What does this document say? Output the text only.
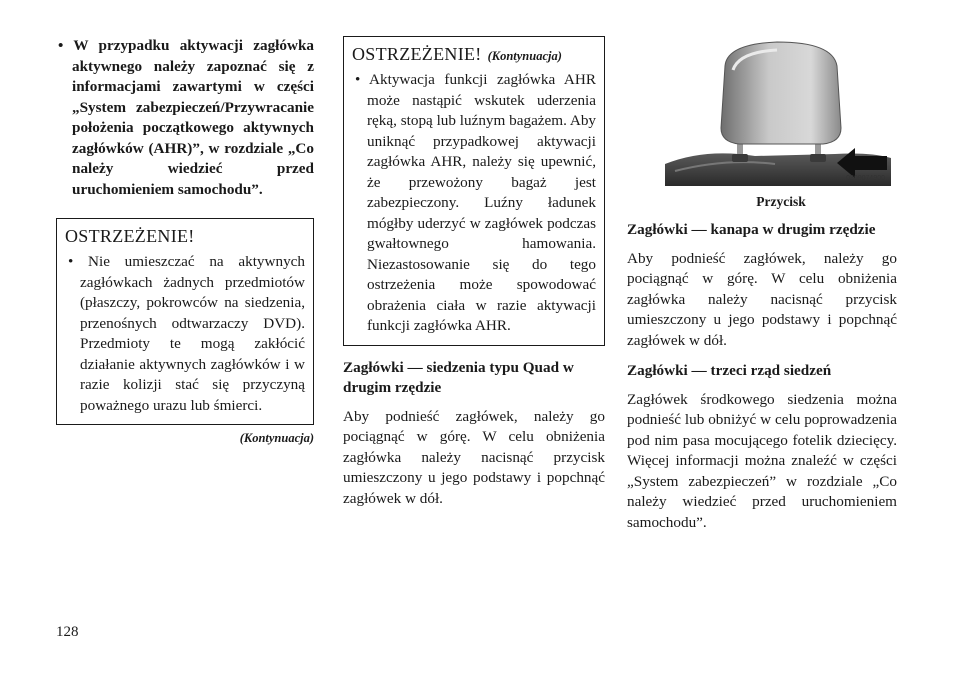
• W przypadku aktywacji zagłówka aktywnego należy zapoznać się z informacjami zawartymi w części „System zabezpieczeń/Przywracanie położenia początkowego aktywnych zagłówków (AHR)”, w rozdziale „Co należy wiedzieć przed uruchomieniem samochodu”.

OSTRZEŻENIE!

• Nie umieszczać na aktywnych zagłówkach żadnych przedmiotów (płaszczy, pokrowców na siedzenia, przenośnych odtwarzaczy DVD). Przedmioty te mogą zakłócić działanie aktywnych zagłówków i w razie kolizji stać się przyczyną poważnego urazu lub śmierci.

(Kontynuacja)
OSTRZEŻENIE! (Kontynuacja)

• Aktywacja funkcji zagłówka AHR może nastąpić wskutek uderzenia ręką, stopą lub luźnym bagażem. Aby uniknąć przypadkowej aktywacji zagłówka AHR, należy się upewnić, że przewożony bagaż jest zabezpieczony. Luźny ładunek mógłby uderzyć w zagłówek podczas gwałtownego hamowania. Niezastosowanie się do tego ostrzeżenia może spowodować obrażenia ciała w razie aktywacji funkcji zagłówka AHR.

Zagłówki — siedzenia typu Quad w drugim rzędzie

Aby podnieść zagłówek, należy go pociągnąć w górę. W celu obniżenia zagłówka należy nacisnąć przycisk umieszczony u jego podstawy i popchnąć zagłówek w dół.

0309074900
Przycisk

Zagłówki — kanapa w drugim rzędzie

Aby podnieść zagłówek, należy go pociągnąć w górę. W celu obniżenia zagłówka należy nacisnąć przycisk umieszczony u jego podstawy i popchnąć zagłówek w dół.

Zagłówki — trzeci rząd siedzeń

Zagłówek środkowego siedzenia można podnieść lub obniżyć w celu poprowadzenia pod nim pasa mocującego fotelik dziecięcy. Więcej informacji można znaleźć w części „System zabezpieczeń” w rozdziale „Co należy wiedzieć przed uruchomieniem samochodu”.

128
